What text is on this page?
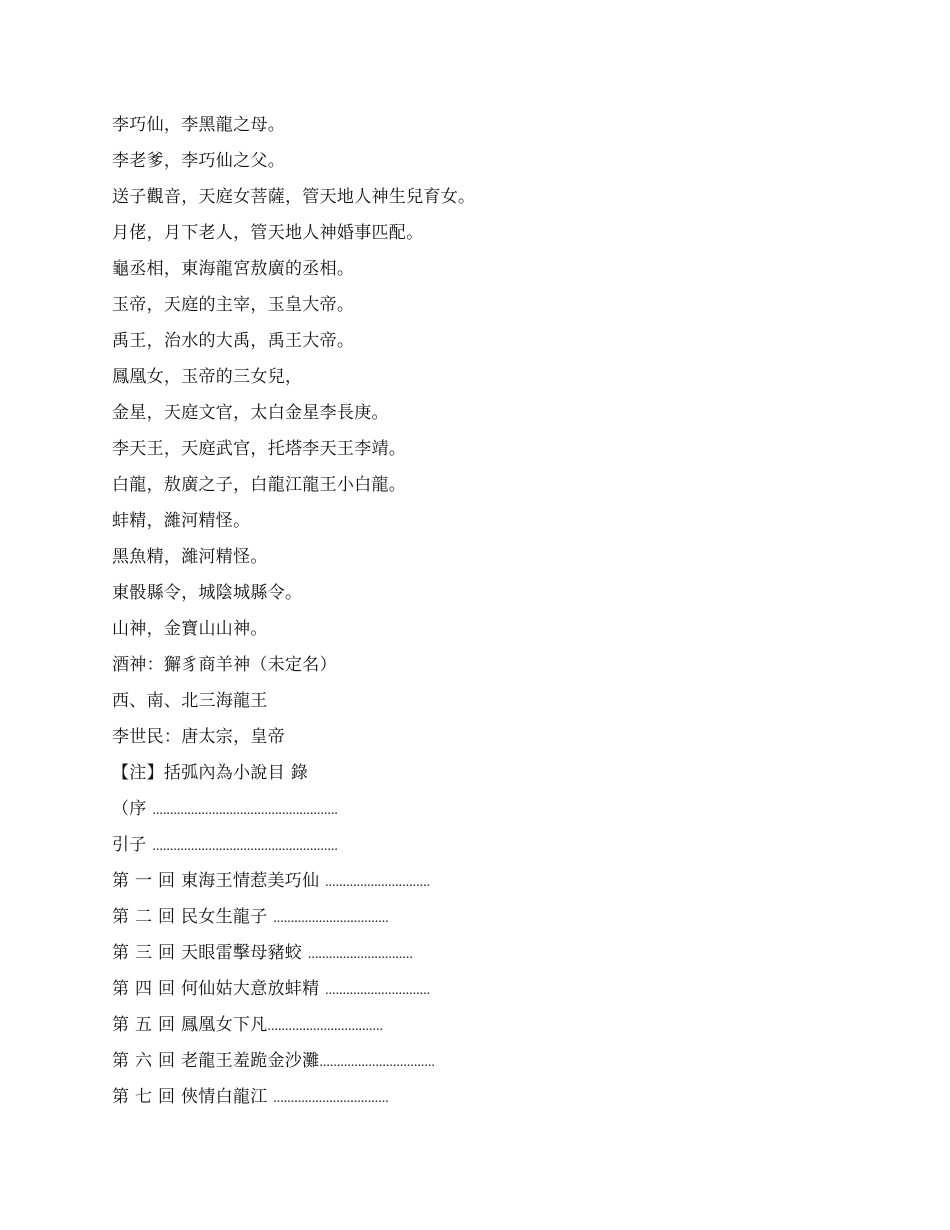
李巧仙，李黑龍之母。
李老爹，李巧仙之父。
送子觀音，天庭女菩薩，管天地人神生兒育女。
月佬，月下老人，管天地人神婚事匹配。
龜丞相，東海龍宮敖廣的丞相。
玉帝，天庭的主宰，玉皇大帝。
禹王，治水的大禹，禹王大帝。
鳳凰女，玉帝的三女兒，
金星，天庭文官，太白金星李長庚。
李天王，天庭武官，托塔李天王李靖。
白龍，敖廣之子，白龍江龍王小白龍。
蚌精，濰河精怪。
黑魚精，濰河精怪。
東骰縣令，城陰城縣令。
山神，金寶山山神。
酒神：獬豸商羊神（未定名）
西、南、北三海龍王
李世民：唐太宗，皇帝
【注】括弧內為小說目 錄
（序 .....................................................
引子 .....................................................
第 一 回 東海王情惹美巧仙 ..............................
第 二 回 民女生龍子 .................................
第 三 回 天眼雷擊母豬蛟 ..............................
第 四 回 何仙姑大意放蚌精 ..............................
第 五 回 鳳凰女下凡.................................
第 六 回 老龍王羞跪金沙灘.................................
第 七 回 俠情白龍江 .................................
